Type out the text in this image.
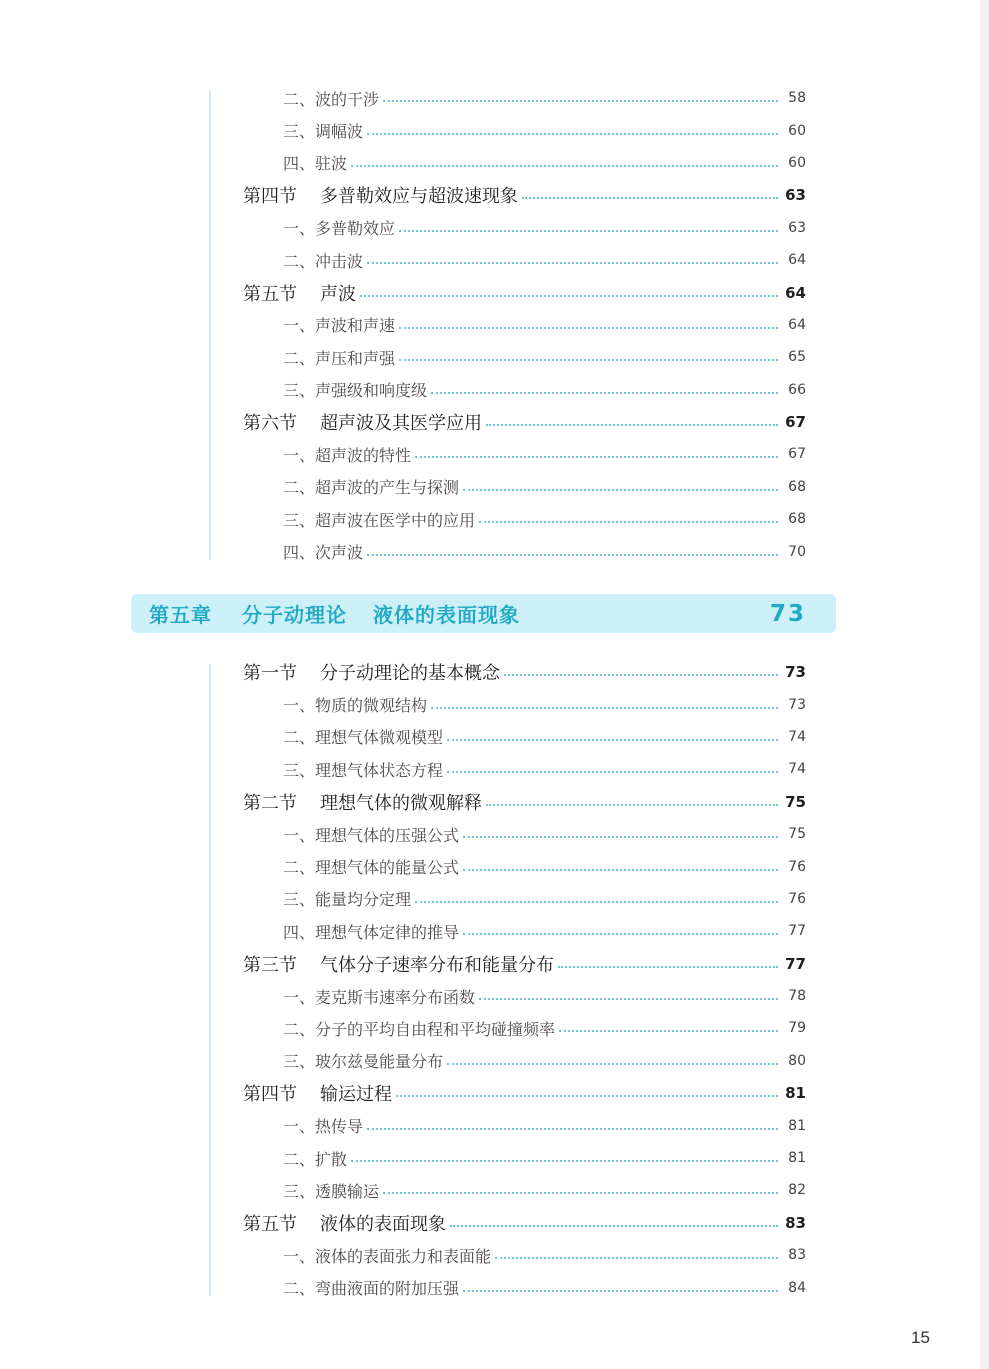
二、 波的干涉	58
三、 调幅波	60
四、 驻波	60
第四节	多普勒效应与超波速现象	63
一、 多普勒效应	63
二、 冲击波	64
第五节	声波	64
一、 声波和声速	64
二、 声压和声强	65
三、 声强级和响度级	66
第六节	超声波及其医学应用	67
一、 超声波的特性	67
二、 超声波的产生与探测	68
三、 超声波在医学中的应用	68
四、 次声波	70
第五章	分子动理论 液体的表面现象	73
第一节	分子动理论的基本概念	73
一、 物质的微观结构	73
二、 理想气体微观模型	74
三、 理想气体状态方程	74
第二节	理想气体的微观解释	75
一、 理想气体的压强公式	75
二、 理想气体的能量公式	76
三、 能量均分定理	76
四、 理想气体定律的推导	77
第三节	气体分子速率分布和能量分布	77
一、 麦克斯韦速率分布函数	78
二、 分子的平均自由程和平均碰撞频率	79
三、 玻尔兹曼能量分布	80
第四节	输运过程	81
一、 热传导	81
二、 扩散	81
三、 透膜输运	82
第五节	液体的表面现象	83
一、 液体的表面张力和表面能	83
二、 弯曲液面的附加压强	84
15
